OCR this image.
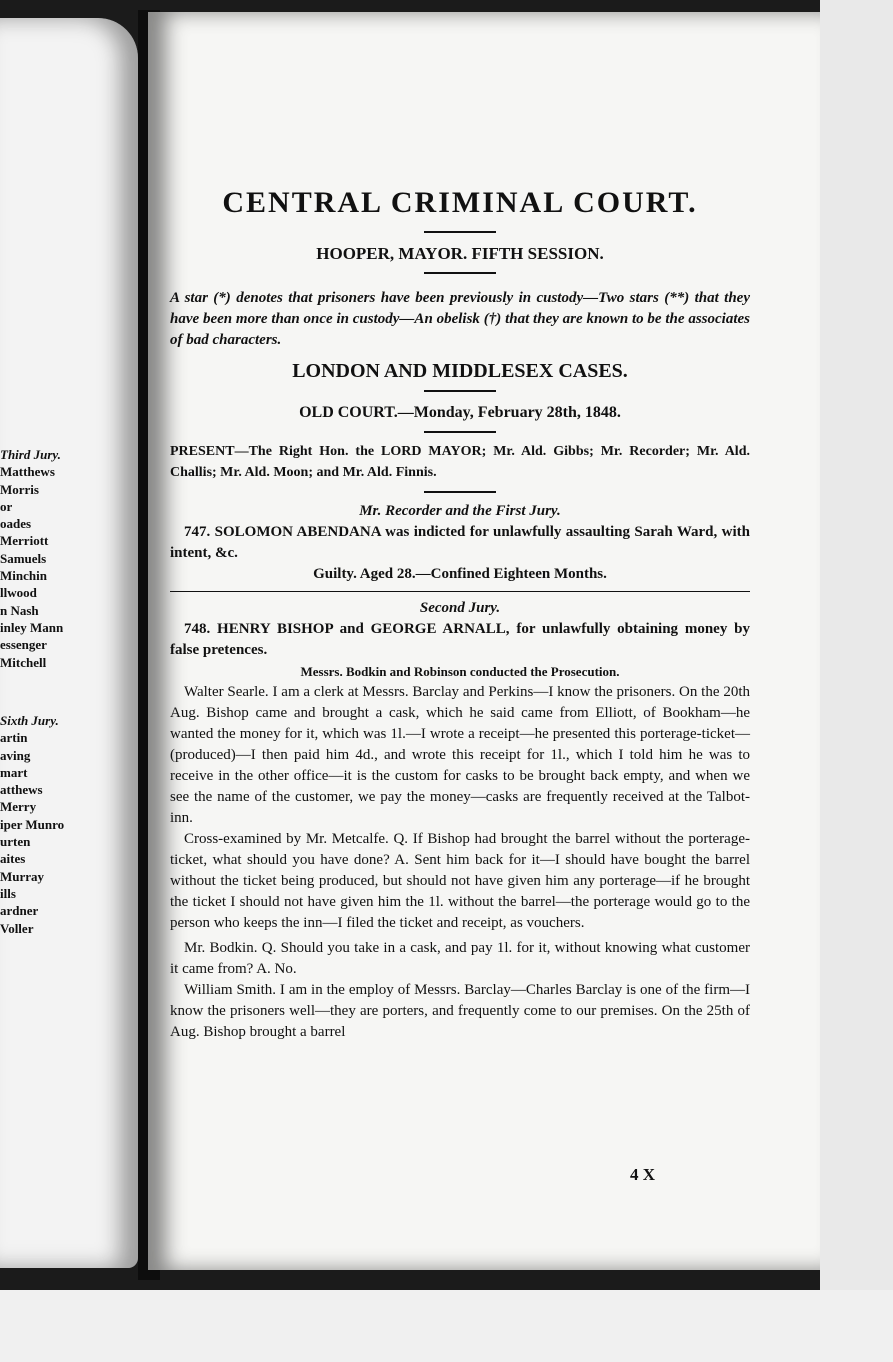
Third Jury.
Matthews
Morris
or
oades
Merriott
Samuels
Minchin
llwood
n Nash
inley Mann
essenger
Mitchell
Sixth Jury.
artin
aving
mart
atthews
Merry
iper Munro
urten
aites
Murray
ills
ardner
Voller
CENTRAL CRIMINAL COURT.
HOOPER, MAYOR. FIFTH SESSION.
A star (*) denotes that prisoners have been previously in custody—Two stars (**) that they have been more than once in custody—An obelisk (†) that they are known to be the associates of bad characters.
LONDON AND MIDDLESEX CASES.
OLD COURT.—Monday, February 28th, 1848.

PRESENT—The Right Hon. the LORD MAYOR; Mr. Ald. Gibbs; Mr. Recorder; Mr. Ald. Challis; Mr. Ald. Moon; and Mr. Ald. Finnis.

Mr. Recorder and the First Jury.

747. SOLOMON ABENDANA was indicted for unlawfully assaulting Sarah Ward, with intent, &c.

Guilty. Aged 28.—Confined Eighteen Months.
Second Jury.

748. HENRY BISHOP and GEORGE ARNALL, for unlawfully obtaining money by false pretences.

Messrs. Bodkin and Robinson conducted the Prosecution.

Walter Searle. I am a clerk at Messrs. Barclay and Perkins—I know the prisoners. On the 20th Aug. Bishop came and brought a cask, which he said came from Elliott, of Bookham—he wanted the money for it, which was 1l.—I wrote a receipt—he presented this porterage-ticket—(produced)—I then paid him 4d., and wrote this receipt for 1l., which I told him he was to receive in the other office—it is the custom for casks to be brought back empty, and when we see the name of the customer, we pay the money—casks are frequently received at the Talbot-inn.

Cross-examined by Mr. Metcalfe. Q. If Bishop had brought the barrel without the porterage-ticket, what should you have done? A. Sent him back for it—I should have bought the barrel without the ticket being produced, but should not have given him any porterage—if he brought the ticket I should not have given him the 1l. without the barrel—the porterage would go to the person who keeps the inn—I filed the ticket and receipt, as vouchers.

Mr. Bodkin. Q. Should you take in a cask, and pay 1l. for it, without knowing what customer it came from? A. No.

William Smith. I am in the employ of Messrs. Barclay—Charles Barclay is one of the firm—I know the prisoners well—they are porters, and frequently come to our premises. On the 25th of Aug. Bishop brought a barrel

4 X
